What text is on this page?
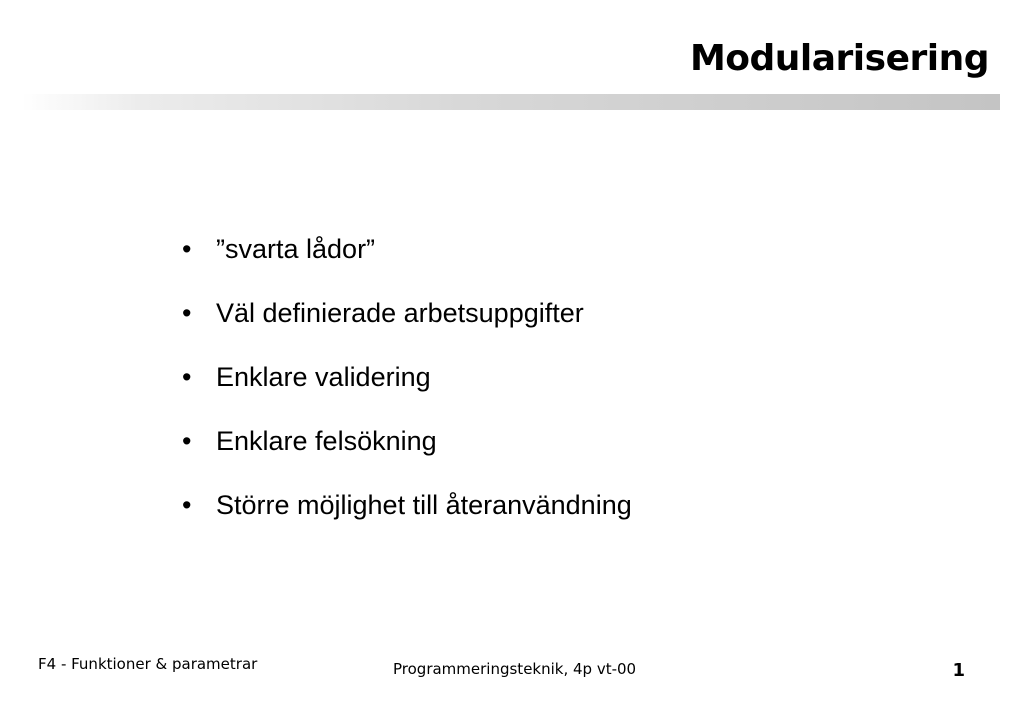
Modularisering
• ”svarta lådor”
• Väl definierade arbetsuppgifter
• Enklare validering
• Enklare felsökning
• Större möjlighet till återanvändning
F4 - Funktioner & parametrar	Programmeringsteknik, 4p vt-00	1
